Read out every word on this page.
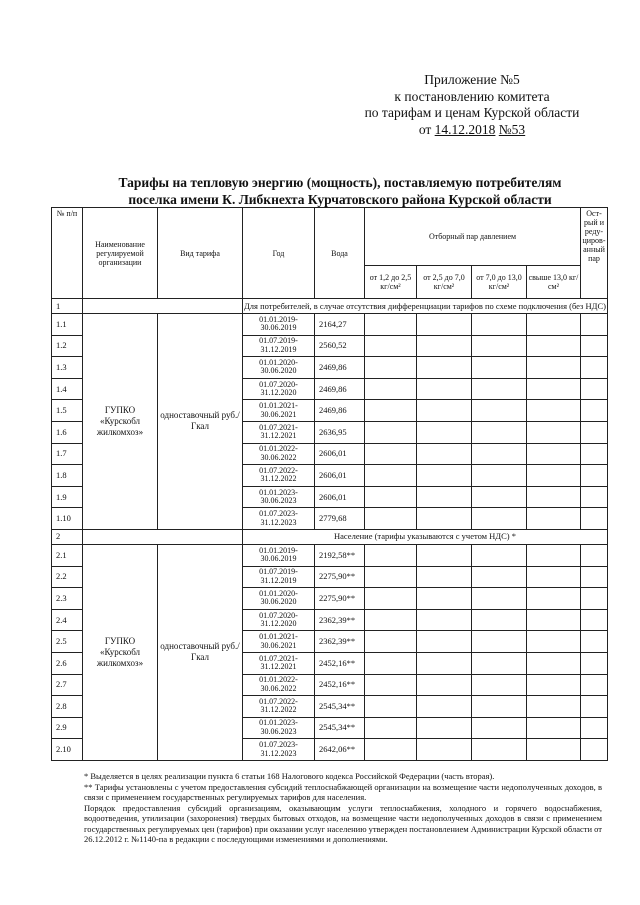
Приложение №5
к постановлению комитета
по тарифам и ценам Курской области
от 14.12.2018 №53
Тарифы на тепловую энергию (мощность), поставляемую потребителям
поселка имени К. Либкнехта Курчатовского района Курской области
№ п/п	Наименование регулируемой организации	Вид тарифа	Год	Вода	Отборный пар давлением				Ост-рый и реду-циров-анный пар
					от 1,2 до 2,5 кг/см²	от 2,5 до 7,0 кг/см²	от 7,0 до 13,0 кг/см²	свыше 13,0 кг/см²	
1			Для потребителей, в случае отсутствия дифференциации тарифов по схеме подключения (без НДС)						
1.1	ГУПКО «Курскобл жилкомхоз»	одноставочный руб./Гкал	01.01.2019-30.06.2019	2164,27					
1.2			01.07.2019-31.12.2019	2560,52					
1.3			01.01.2020-30.06.2020	2469,86					
1.4			01.07.2020-31.12.2020	2469,86					
1.5			01.01.2021-30.06.2021	2469,86					
1.6			01.07.2021-31.12.2021	2636,95					
1.7			01.01.2022-30.06.2022	2606,01					
1.8			01.07.2022-31.12.2022	2606,01					
1.9			01.01.2023-30.06.2023	2606,01					
1.10			01.07.2023-31.12.2023	2779,68					
2			Население (тарифы указываются с учетом НДС) *						
2.1	ГУПКО «Курскобл жилкомхоз»	одноставочный руб./Гкал	01.01.2019-30.06.2019	2192,58**					
2.2			01.07.2019-31.12.2019	2275,90**					
2.3			01.01.2020-30.06.2020	2275,90**					
2.4			01.07.2020-31.12.2020	2362,39**					
2.5			01.01.2021-30.06.2021	2362,39**					
2.6			01.07.2021-31.12.2021	2452,16**					
2.7			01.01.2022-30.06.2022	2452,16**					
2.8			01.07.2022-31.12.2022	2545,34**					
2.9			01.01.2023-30.06.2023	2545,34**					
2.10			01.07.2023-31.12.2023	2642,06**					

* Выделяется в целях реализации пункта 6 статьи 168 Налогового кодекса Российской Федерации (часть вторая).

** Тарифы установлены с учетом предоставления субсидий теплоснабжающей организации на возмещение части недополученных доходов, в связи с применением государственных регулируемых тарифов для населения.

Порядок предоставления субсидий организациям, оказывающим услуги теплоснабжения, холодного и горячего водоснабжения, водоотведения, утилизации (захоронения) твердых бытовых отходов, на возмещение части недополученных доходов в связи с применением государственных регулируемых цен (тарифов) при оказании услуг населению утвержден постановлением Администрации Курской области от 26.12.2012 г. №1140-па в редакции с последующими изменениями и дополнениями.
